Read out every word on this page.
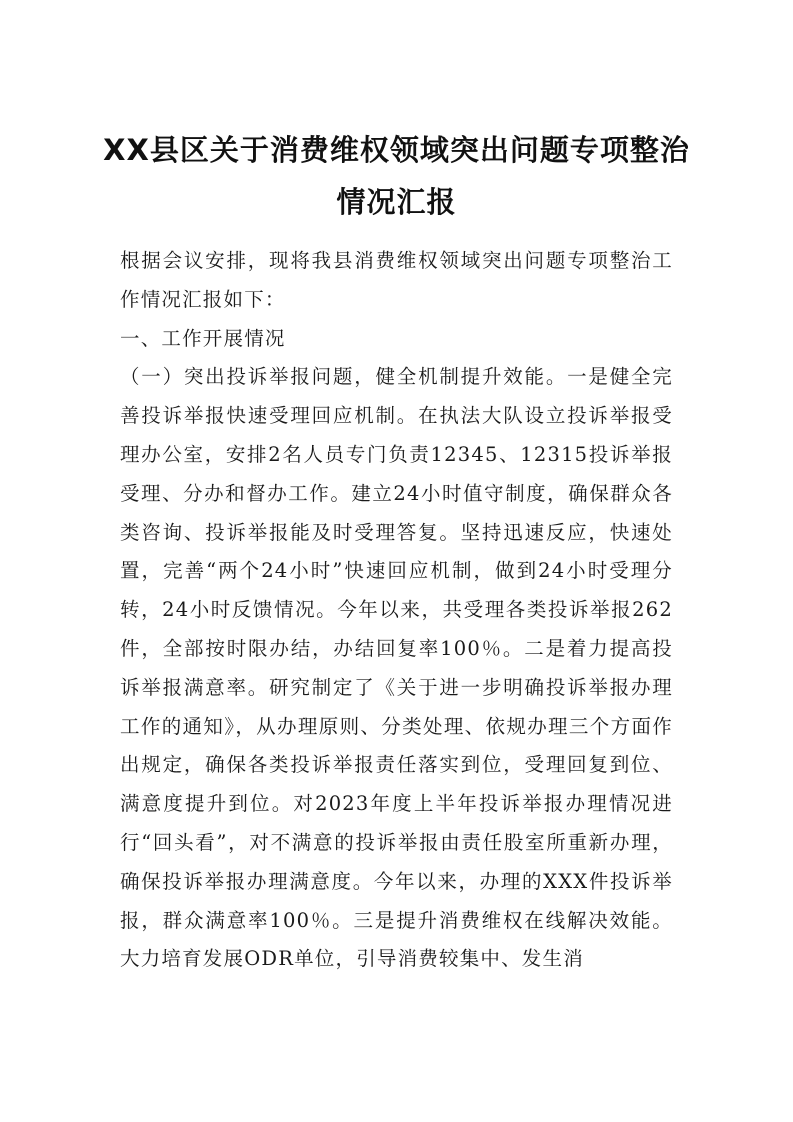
XX县区关于消费维权领域突出问题专项整治情况汇报

根据会议安排，现将我县消费维权领域突出问题专项整治工作情况汇报如下：

一、工作开展情况

（一）突出投诉举报问题，健全机制提升效能。一是健全完善投诉举报快速受理回应机制。在执法大队设立投诉举报受理办公室，安排2名人员专门负责12345、12315投诉举报受理、分办和督办工作。建立24小时值守制度，确保群众各类咨询、投诉举报能及时受理答复。坚持迅速反应，快速处置，完善“两个24小时”快速回应机制，做到24小时受理分转，24小时反馈情况。今年以来，共受理各类投诉举报262件，全部按时限办结，办结回复率100％。二是着力提高投诉举报满意率。研究制定了《关于进一步明确投诉举报办理工作的通知》，从办理原则、分类处理、依规办理三个方面作出规定，确保各类投诉举报责任落实到位，受理回复到位、满意度提升到位。对2023年度上半年投诉举报办理情况进行“回头看”，对不满意的投诉举报由责任股室所重新办理，确保投诉举报办理满意度。今年以来，办理的XXX件投诉举报，群众满意率100％。三是提升消费维权在线解决效能。大力培育发展ODR单位，引导消费较集中、发生消
